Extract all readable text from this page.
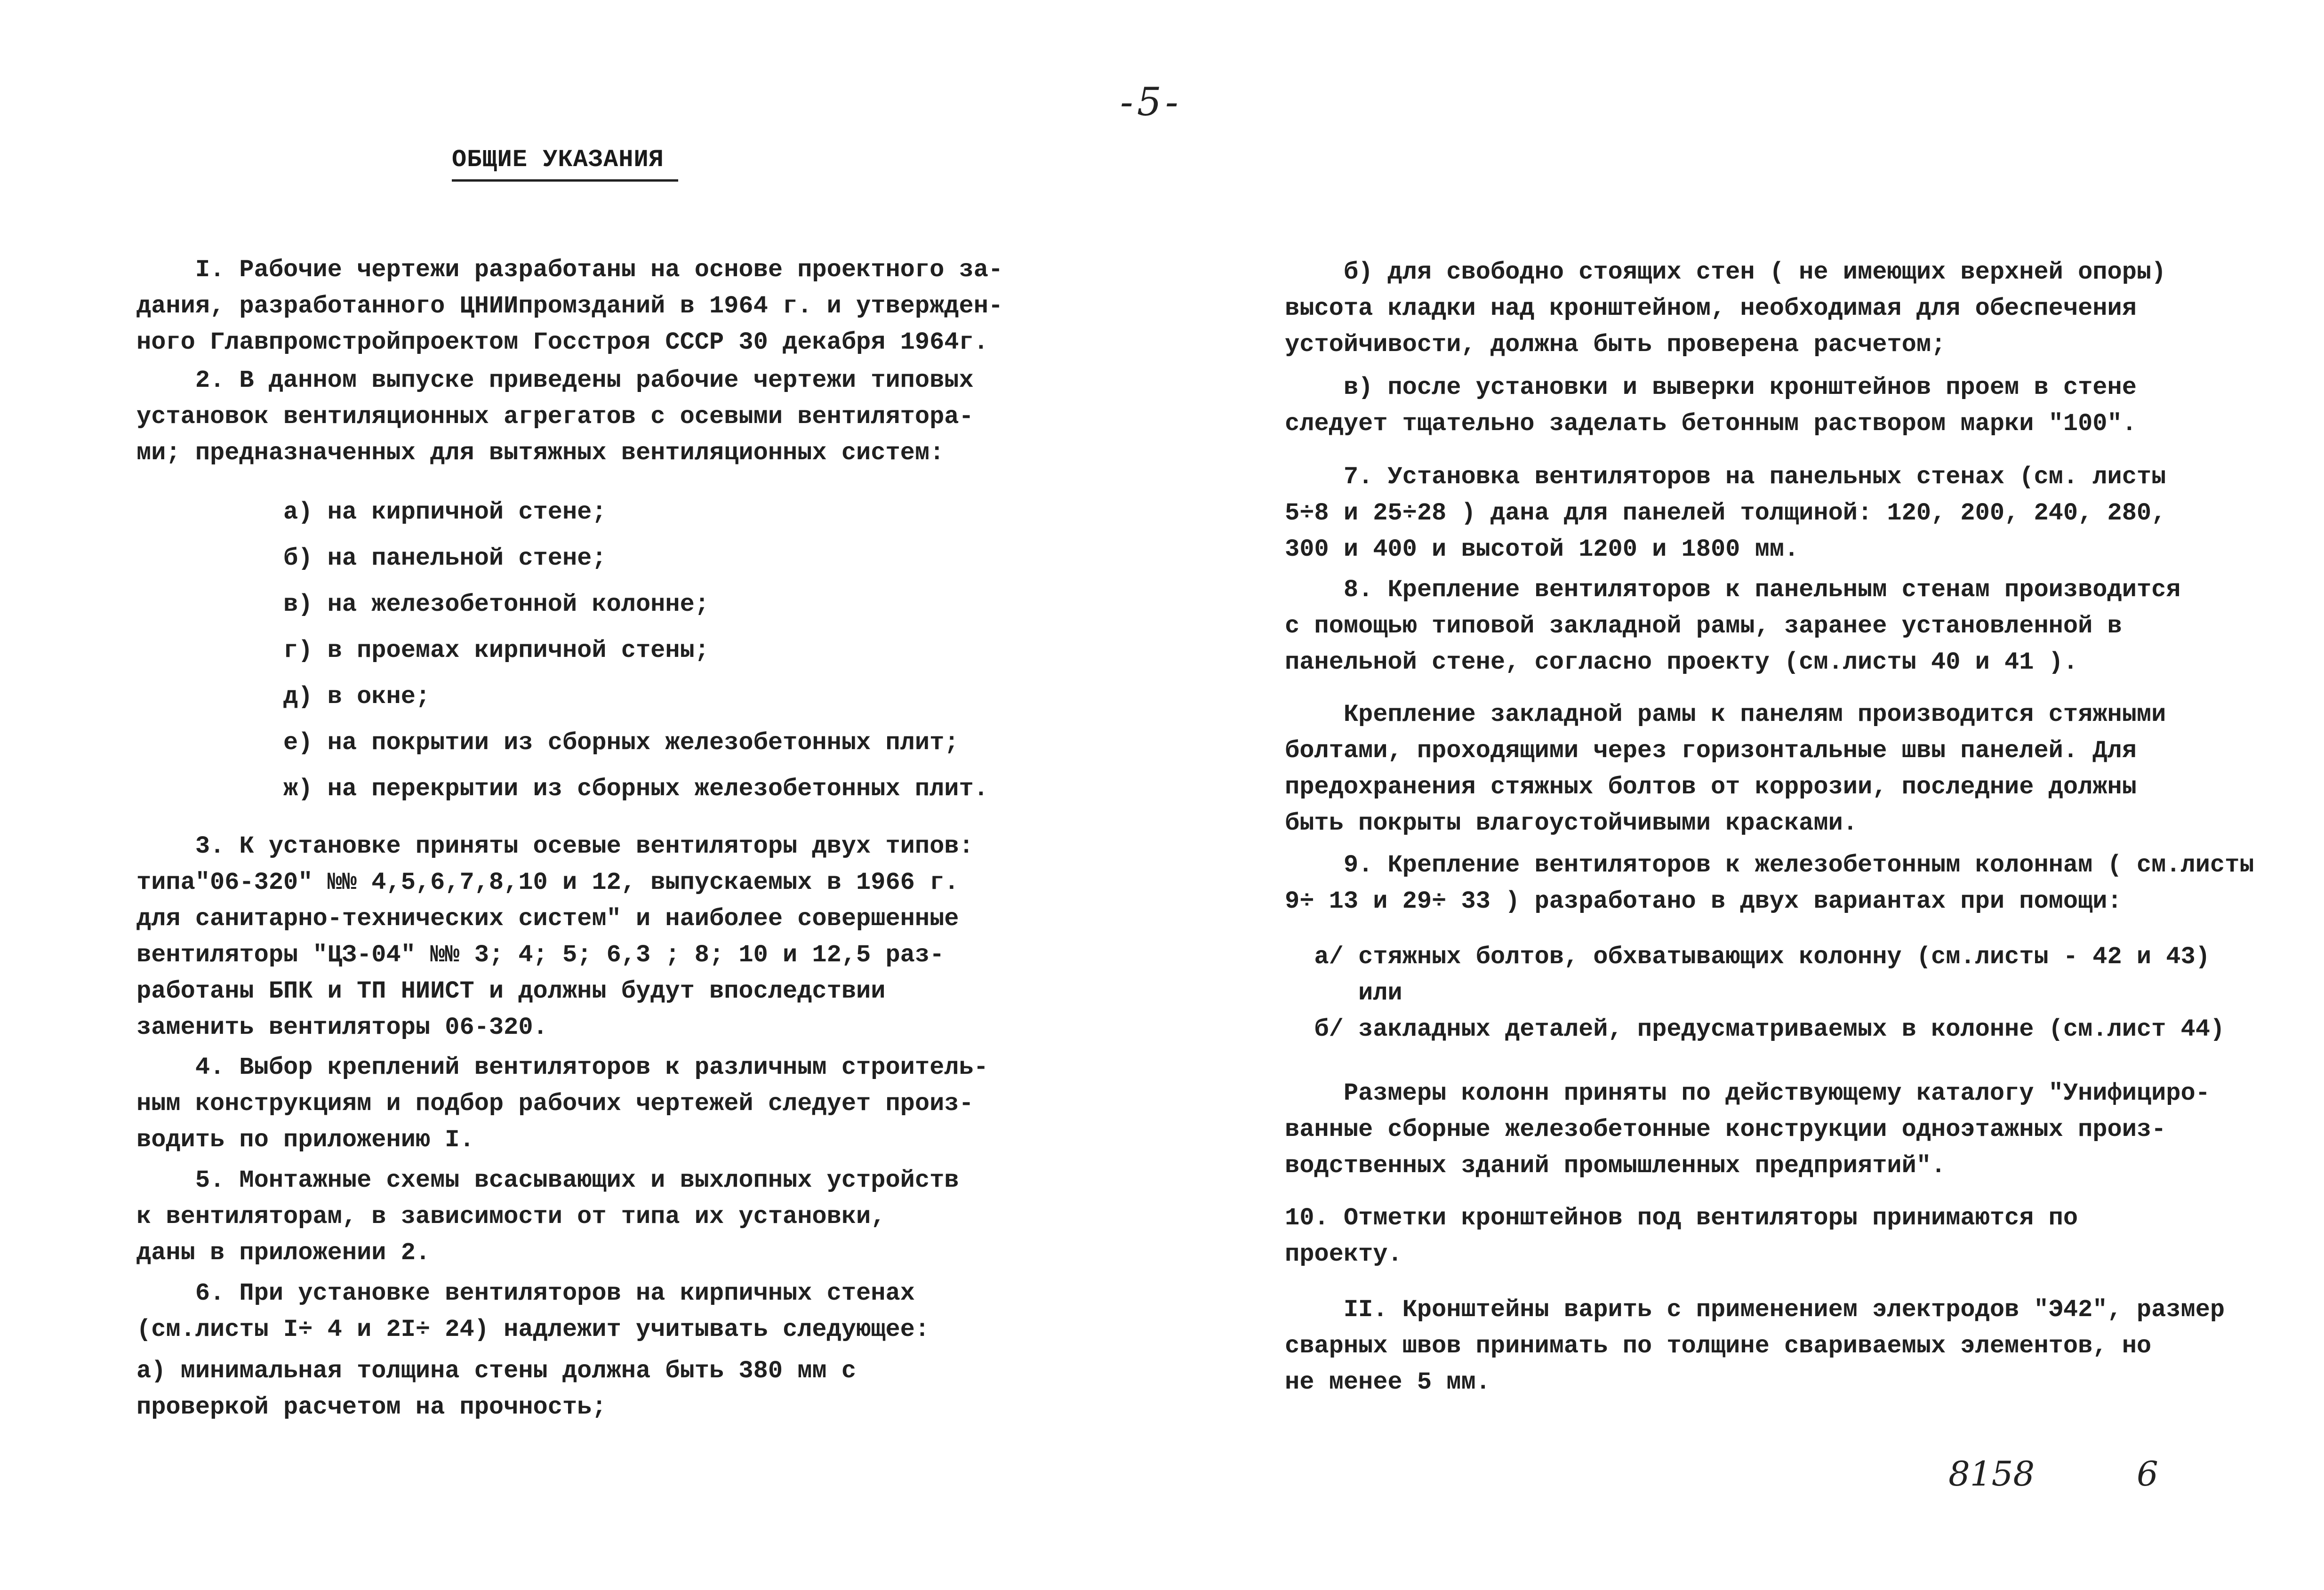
-5-
ОБЩИЕ УКАЗАНИЯ

I. Рабочие чертежи разработаны на основе проектного за-
дания, разработанного ЦНИИпромзданий в 1964 г. и утвержден-
ного Главпромстройпроектом Госстроя СССР 30 декабря 1964г.

2. В данном выпуске приведены рабочие чертежи типовых
установок вентиляционных агрегатов с осевыми вентилятора-
ми; предназначенных для вытяжных вентиляционных систем:

а) на кирпичной стене;

б) на панельной стене;

в) на железобетонной колонне;

г) в проемах кирпичной стены;

д) в окне;

е) на покрытии из сборных железобетонных плит;

ж) на перекрытии из сборных железобетонных плит.

3. К установке приняты осевые вентиляторы двух типов:
типа"06-320" №№ 4,5,6,7,8,10 и 12, выпускаемых в 1966 г.
для санитарно-технических систем" и наиболее совершенные
вентиляторы "ЦЗ-04" №№ 3; 4; 5; 6,3 ; 8; 10 и 12,5 раз-
работаны БПК и ТП НИИСТ и должны будут впоследствии
заменить вентиляторы 06-320.

4. Выбор креплений вентиляторов к различным строитель-
ным конструкциям и подбор рабочих чертежей следует произ-
водить по приложению I.

5. Монтажные схемы всасывающих и выхлопных устройств
к вентиляторам, в зависимости от типа их установки,
даны в приложении 2.

6. При установке вентиляторов на кирпичных стенах
(см.листы I÷ 4 и 2I÷ 24) надлежит учитывать следующее:

а) минимальная толщина стены должна быть 380 мм с
проверкой расчетом на прочность;

б) для свободно стоящих стен ( не имеющих верхней опоры)
высота кладки над кронштейном, необходимая для обеспечения
устойчивости, должна быть проверена расчетом;

в) после установки и выверки кронштейнов проем в стене
следует тщательно заделать бетонным раствором марки "100".

7. Установка вентиляторов на панельных стенах (см. листы
5÷8 и 25÷28 ) дана для панелей толщиной: 120, 200, 240, 280,
300 и 400 и высотой 1200 и 1800 мм.

8. Крепление вентиляторов к панельным стенам производится
с помощью типовой закладной рамы, заранее установленной в
панельной стене, согласно проекту (см.листы 40 и 41 ).

Крепление закладной рамы к панелям производится стяжными
болтами, проходящими через горизонтальные швы панелей. Для
предохранения стяжных болтов от коррозии, последние должны
быть покрыты влагоустойчивыми красками.

9. Крепление вентиляторов к железобетонным колоннам ( см.листы
9÷ 13 и 29÷ 33 ) разработано в двух вариантах при помощи:

а/ стяжных болтов, обхватывающих колонну (см.листы - 42 и 43)
или
б/ закладных деталей, предусматриваемых в колонне (см.лист 44)

Размеры колонн приняты по действующему каталогу "Унифициро-
ванные сборные железобетонные конструкции одноэтажных произ-
водственных зданий промышленных предприятий".

10. Отметки кронштейнов под вентиляторы принимаются по
проекту.

II. Кронштейны варить с применением электродов "Э42", размер
сварных швов принимать по толщине свариваемых элементов, но
не менее 5 мм.

8158	6
